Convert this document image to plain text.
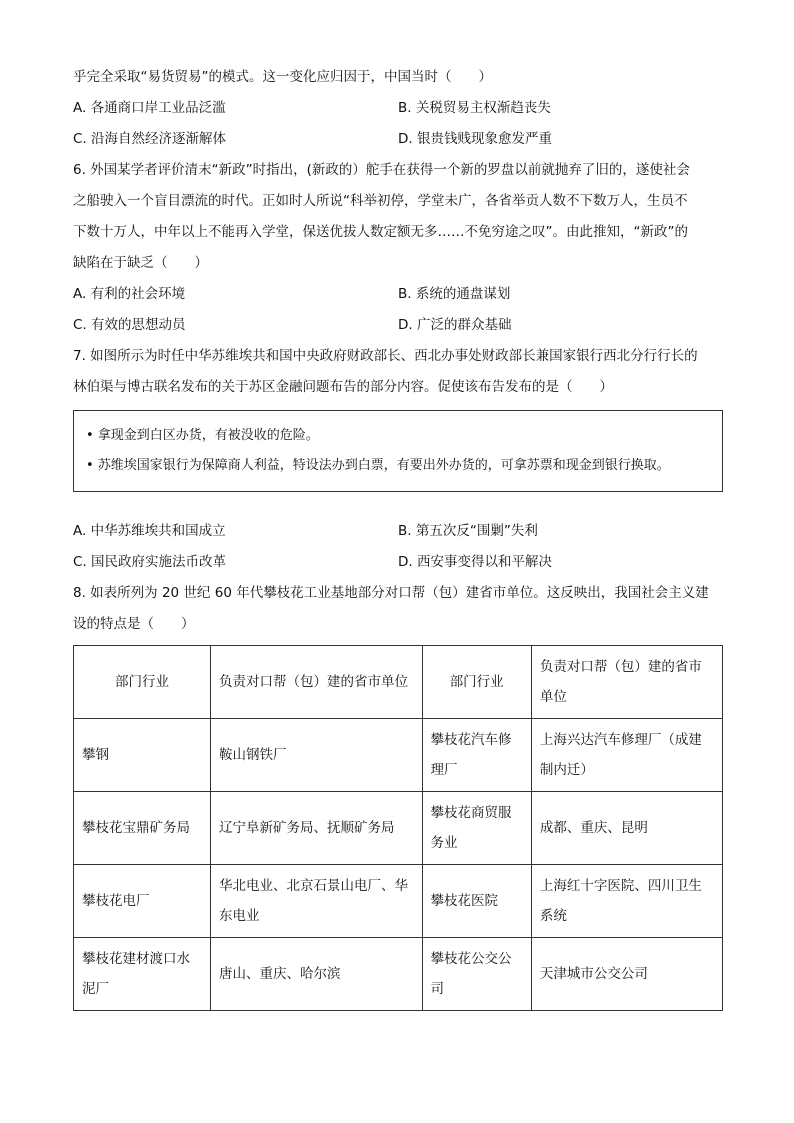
乎完全采取“易货贸易”的模式。这一变化应归因于，中国当时（　　）
A. 各通商口岸工业品泛滥	B. 关税贸易主权渐趋丧失
C. 沿海自然经济逐渐解体	D. 银贵钱贱现象愈发严重
6. 外国某学者评价清末“新政”时指出，(新政的）舵手在获得一个新的罗盘以前就抛弃了旧的，遂使社会
之船驶入一个盲目漂流的时代。正如时人所说“科举初停，学堂未广，各省举贡人数不下数万人，生员不
下数十万人，中年以上不能再入学堂，保送优拔人数定额无多……不免穷途之叹”。由此推知，“新政”的
缺陷在于缺乏（　　）
A. 有利的社会环境	B. 系统的通盘谋划
C. 有效的思想动员	D. 广泛的群众基础
7. 如图所示为时任中华苏维埃共和国中央政府财政部长、西北办事处财政部长兼国家银行西北分行行长的
林伯渠与博古联名发布的关于苏区金融问题布告的部分内容。促使该布告发布的是（　　）
• 拿现金到白区办货，有被没收的危险。
• 苏维埃国家银行为保障商人利益，特设法办到白票，有要出外办货的，可拿苏票和现金到银行换取。
A. 中华苏维埃共和国成立	B. 第五次反“围剿”失利
C. 国民政府实施法币改革	D. 西安事变得以和平解决
8. 如表所列为 20 世纪 60 年代攀枝花工业基地部分对口帮（包）建省市单位。这反映出，我国社会主义建
设的特点是（　　）
部门行业	负责对口帮（包）建的省市单位	部门行业	负责对口帮（包）建的省市单位
攀钢	鞍山钢铁厂	攀枝花汽车修理厂	上海兴达汽车修理厂（成建制内迁）
攀枝花宝鼎矿务局	辽宁阜新矿务局、抚顺矿务局	攀枝花商贸服务业	成都、重庆、昆明
攀枝花电厂	华北电业、北京石景山电厂、华东电业	攀枝花医院	上海红十字医院、四川卫生系统
攀枝花建材渡口水泥厂	唐山、重庆、哈尔滨	攀枝花公交公司	天津城市公交公司
